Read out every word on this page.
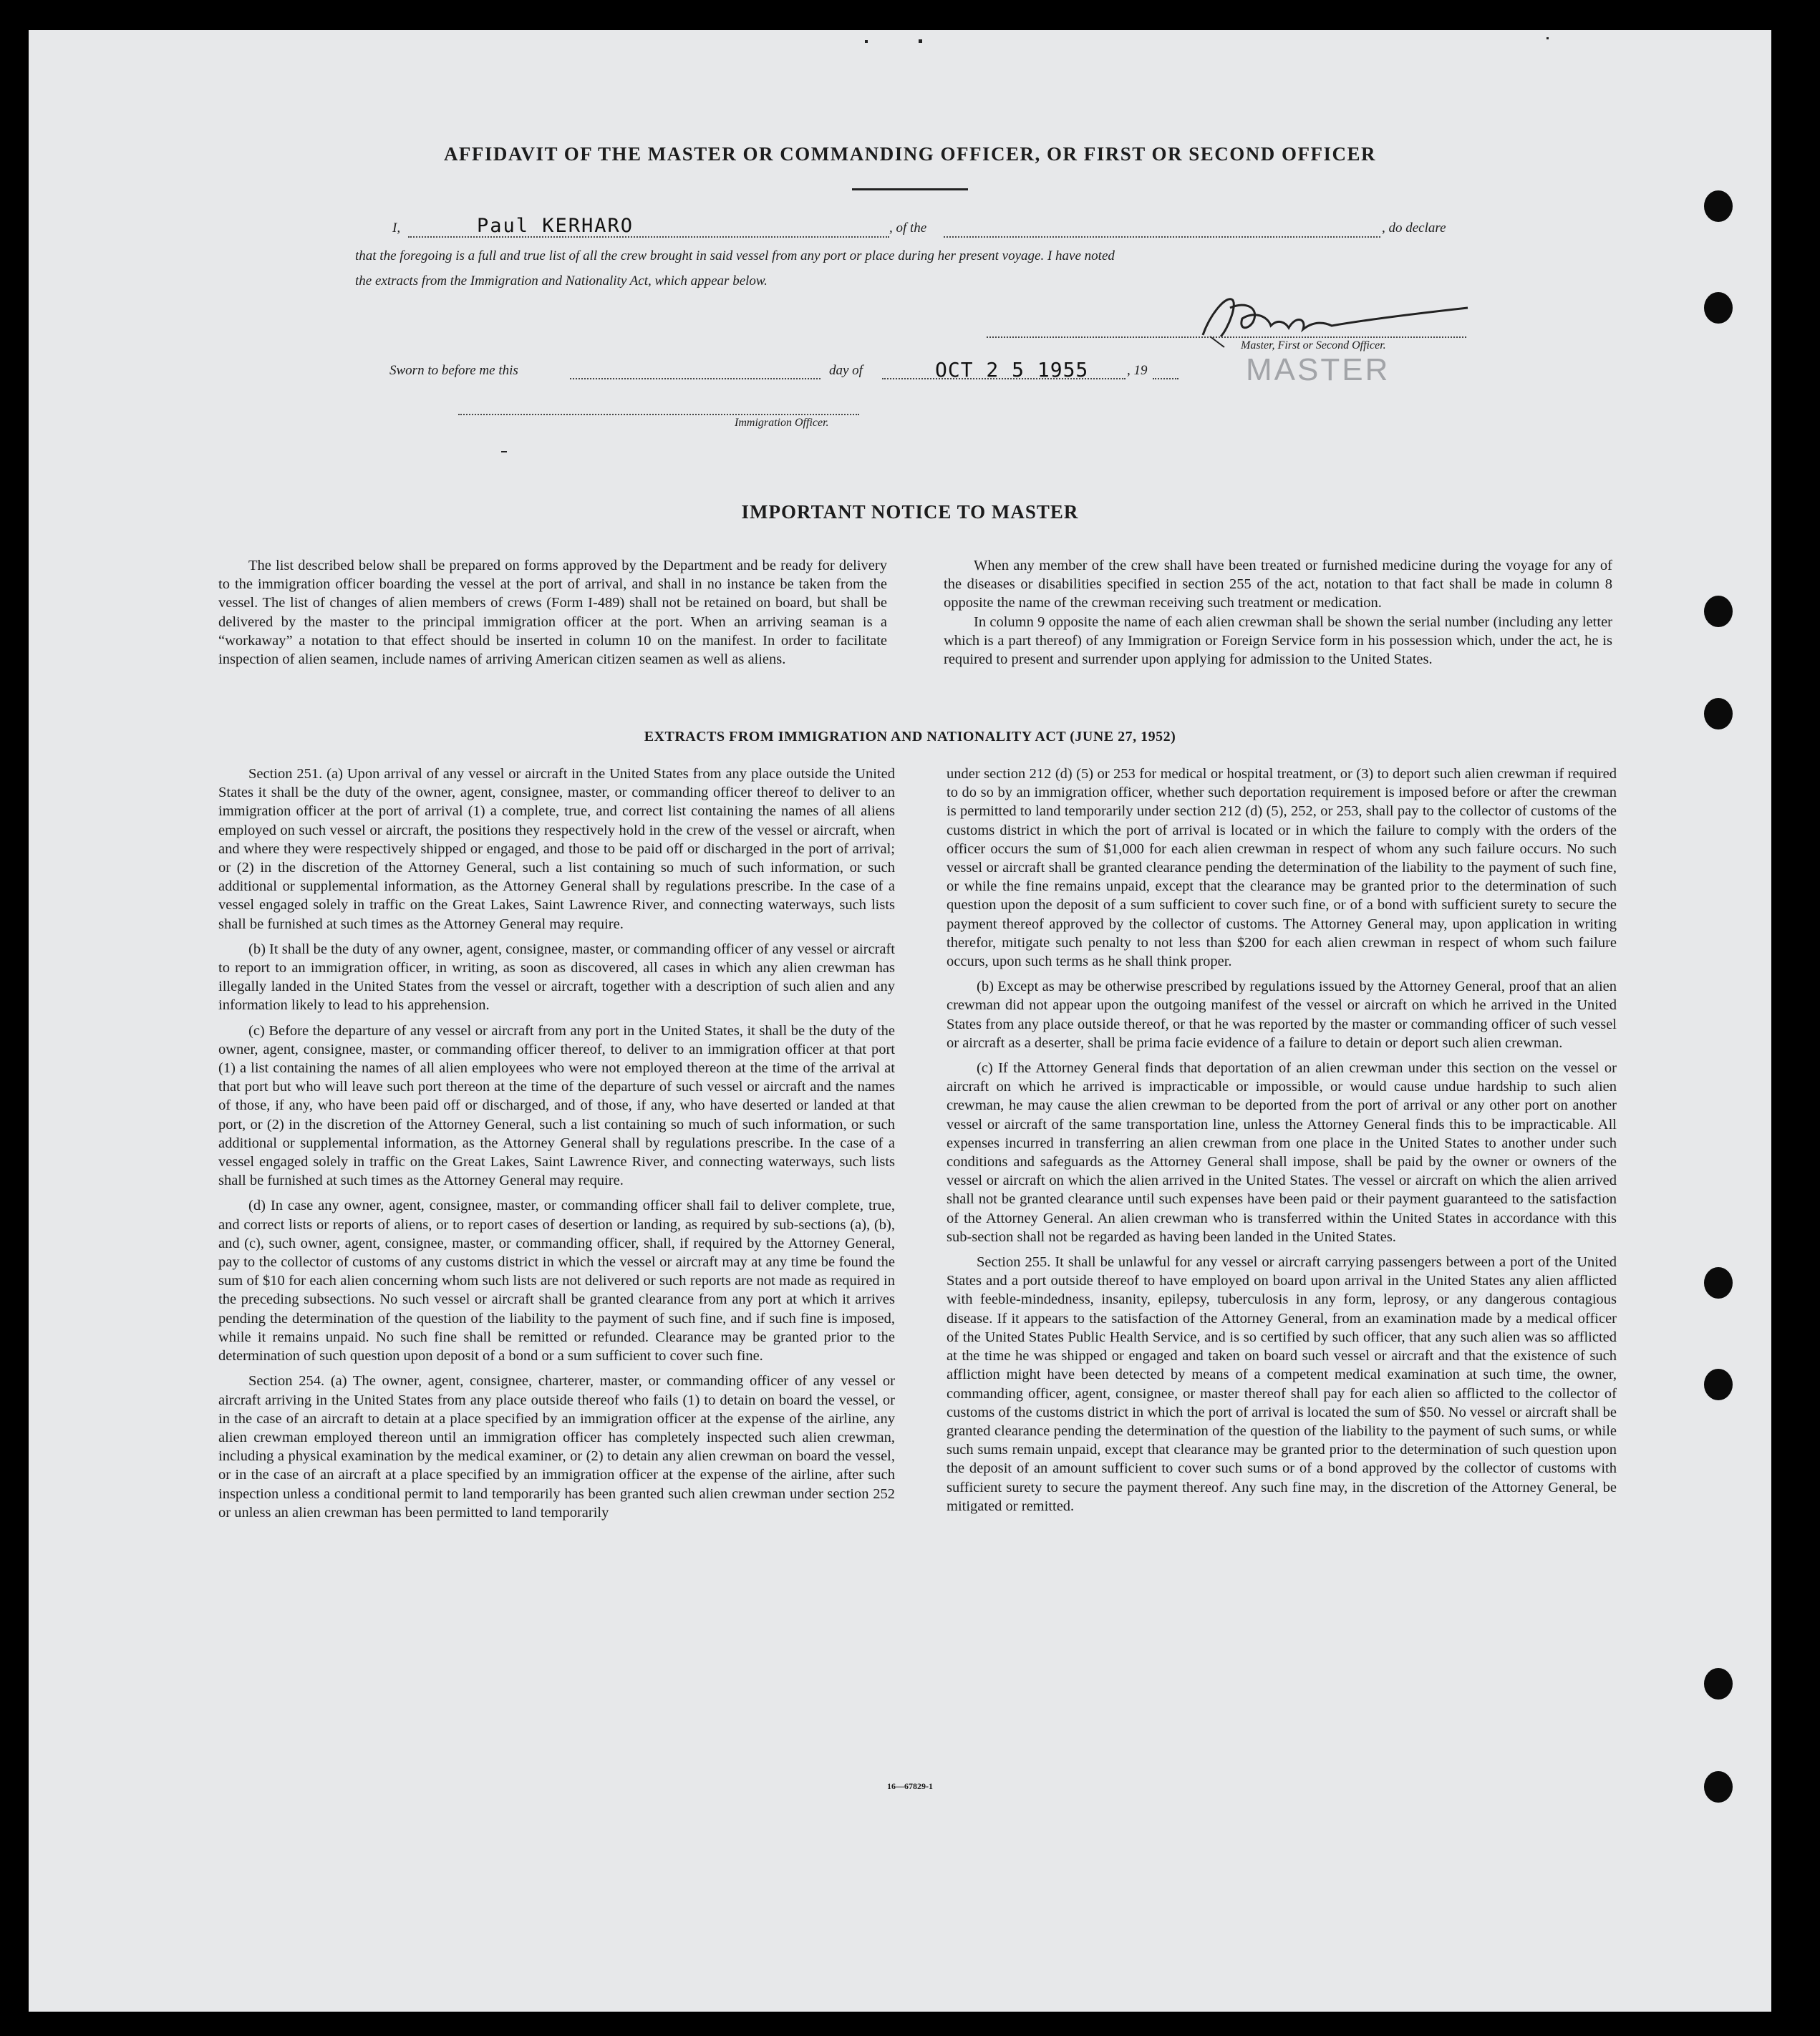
AFFIDAVIT OF THE MASTER OR COMMANDING OFFICER, OR FIRST OR SECOND OFFICER
I,	Paul KERHARO	, of the	, do declare
that the foregoing is a full and true list of all the crew brought in said vessel from any port or place during her present voyage. I have noted
the extracts from the Immigration and Nationality Act, which appear below.
Master, First or Second Officer.
Sworn to before me this	day of	OCT 2 5 1955	, 19	MASTER
Immigration Officer.
IMPORTANT NOTICE TO MASTER

The list described below shall be prepared on forms approved by the Department and be ready for delivery to the immigration officer boarding the vessel at the port of arrival, and shall in no instance be taken from the vessel. The list of changes of alien members of crews (Form I-489) shall not be retained on board, but shall be delivered by the master to the principal immigration officer at the port. When an arriving seaman is a “workaway” a notation to that effect should be inserted in column 10 on the manifest. In order to facilitate inspection of alien seamen, include names of arriving American citizen seamen as well as aliens.

When any member of the crew shall have been treated or furnished medicine during the voyage for any of the diseases or disabilities specified in section 255 of the act, notation to that fact shall be made in column 8 opposite the name of the crewman receiving such treatment or medication.

In column 9 opposite the name of each alien crewman shall be shown the serial number (including any letter which is a part thereof) of any Immigration or Foreign Service form in his possession which, under the act, he is required to present and surrender upon applying for admission to the United States.

EXTRACTS FROM IMMIGRATION AND NATIONALITY ACT (JUNE 27, 1952)

Section 251. (a) Upon arrival of any vessel or aircraft in the United States from any place outside the United States it shall be the duty of the owner, agent, consignee, master, or commanding officer thereof to deliver to an immigration officer at the port of arrival (1) a complete, true, and correct list containing the names of all aliens employed on such vessel or aircraft, the positions they respectively hold in the crew of the vessel or aircraft, when and where they were respectively shipped or engaged, and those to be paid off or discharged in the port of arrival; or (2) in the discretion of the Attorney General, such a list containing so much of such information, or such additional or supplemental information, as the Attorney General shall by regulations prescribe. In the case of a vessel engaged solely in traffic on the Great Lakes, Saint Lawrence River, and connecting waterways, such lists shall be furnished at such times as the Attorney General may require.

(b) It shall be the duty of any owner, agent, consignee, master, or commanding officer of any vessel or aircraft to report to an immigration officer, in writing, as soon as discovered, all cases in which any alien crewman has illegally landed in the United States from the vessel or aircraft, together with a description of such alien and any information likely to lead to his apprehension.

(c) Before the departure of any vessel or aircraft from any port in the United States, it shall be the duty of the owner, agent, consignee, master, or commanding officer thereof, to deliver to an immigration officer at that port (1) a list containing the names of all alien employees who were not employed thereon at the time of the arrival at that port but who will leave such port thereon at the time of the departure of such vessel or aircraft and the names of those, if any, who have been paid off or discharged, and of those, if any, who have deserted or landed at that port, or (2) in the discretion of the Attorney General, such a list containing so much of such information, or such additional or supplemental information, as the Attorney General shall by regulations prescribe. In the case of a vessel engaged solely in traffic on the Great Lakes, Saint Lawrence River, and connecting waterways, such lists shall be furnished at such times as the Attorney General may require.

(d) In case any owner, agent, consignee, master, or commanding officer shall fail to deliver complete, true, and correct lists or reports of aliens, or to report cases of desertion or landing, as required by sub-sections (a), (b), and (c), such owner, agent, consignee, master, or commanding officer, shall, if required by the Attorney General, pay to the collector of customs of any customs district in which the vessel or aircraft may at any time be found the sum of $10 for each alien concerning whom such lists are not delivered or such reports are not made as required in the preceding subsections. No such vessel or aircraft shall be granted clearance from any port at which it arrives pending the determination of the question of the liability to the payment of such fine, and if such fine is imposed, while it remains unpaid. No such fine shall be remitted or refunded. Clearance may be granted prior to the determination of such question upon deposit of a bond or a sum sufficient to cover such fine.

Section 254. (a) The owner, agent, consignee, charterer, master, or commanding officer of any vessel or aircraft arriving in the United States from any place outside thereof who fails (1) to detain on board the vessel, or in the case of an aircraft to detain at a place specified by an immigration officer at the expense of the airline, any alien crewman employed thereon until an immigration officer has completely inspected such alien crewman, including a physical examination by the medical examiner, or (2) to detain any alien crewman on board the vessel, or in the case of an aircraft at a place specified by an immigration officer at the expense of the airline, after such inspection unless a conditional permit to land temporarily has been granted such alien crewman under section 252 or unless an alien crewman has been permitted to land temporarily

under section 212 (d) (5) or 253 for medical or hospital treatment, or (3) to deport such alien crewman if required to do so by an immigration officer, whether such deportation requirement is imposed before or after the crewman is permitted to land temporarily under section 212 (d) (5), 252, or 253, shall pay to the collector of customs of the customs district in which the port of arrival is located or in which the failure to comply with the orders of the officer occurs the sum of $1,000 for each alien crewman in respect of whom any such failure occurs. No such vessel or aircraft shall be granted clearance pending the determination of the liability to the payment of such fine, or while the fine remains unpaid, except that the clearance may be granted prior to the determination of such question upon the deposit of a sum sufficient to cover such fine, or of a bond with sufficient surety to secure the payment thereof approved by the collector of customs. The Attorney General may, upon application in writing therefor, mitigate such penalty to not less than $200 for each alien crewman in respect of whom such failure occurs, upon such terms as he shall think proper.

(b) Except as may be otherwise prescribed by regulations issued by the Attorney General, proof that an alien crewman did not appear upon the outgoing manifest of the vessel or aircraft on which he arrived in the United States from any place outside thereof, or that he was reported by the master or commanding officer of such vessel or aircraft as a deserter, shall be prima facie evidence of a failure to detain or deport such alien crewman.

(c) If the Attorney General finds that deportation of an alien crewman under this section on the vessel or aircraft on which he arrived is impracticable or impossible, or would cause undue hardship to such alien crewman, he may cause the alien crewman to be deported from the port of arrival or any other port on another vessel or aircraft of the same transportation line, unless the Attorney General finds this to be impracticable. All expenses incurred in transferring an alien crewman from one place in the United States to another under such conditions and safeguards as the Attorney General shall impose, shall be paid by the owner or owners of the vessel or aircraft on which the alien arrived in the United States. The vessel or aircraft on which the alien arrived shall not be granted clearance until such expenses have been paid or their payment guaranteed to the satisfaction of the Attorney General. An alien crewman who is transferred within the United States in accordance with this sub-section shall not be regarded as having been landed in the United States.

Section 255. It shall be unlawful for any vessel or aircraft carrying passengers between a port of the United States and a port outside thereof to have employed on board upon arrival in the United States any alien afflicted with feeble-mindedness, insanity, epilepsy, tuberculosis in any form, leprosy, or any dangerous contagious disease. If it appears to the satisfaction of the Attorney General, from an examination made by a medical officer of the United States Public Health Service, and is so certified by such officer, that any such alien was so afflicted at the time he was shipped or engaged and taken on board such vessel or aircraft and that the existence of such affliction might have been detected by means of a competent medical examination at such time, the owner, commanding officer, agent, consignee, or master thereof shall pay for each alien so afflicted to the collector of customs of the customs district in which the port of arrival is located the sum of $50. No vessel or aircraft shall be granted clearance pending the determination of the question of the liability to the payment of such sums, or while such sums remain unpaid, except that clearance may be granted prior to the determination of such question upon the deposit of an amount sufficient to cover such sums or of a bond approved by the collector of customs with sufficient surety to secure the payment thereof. Any such fine may, in the discretion of the Attorney General, be mitigated or remitted.

16—67829-1
